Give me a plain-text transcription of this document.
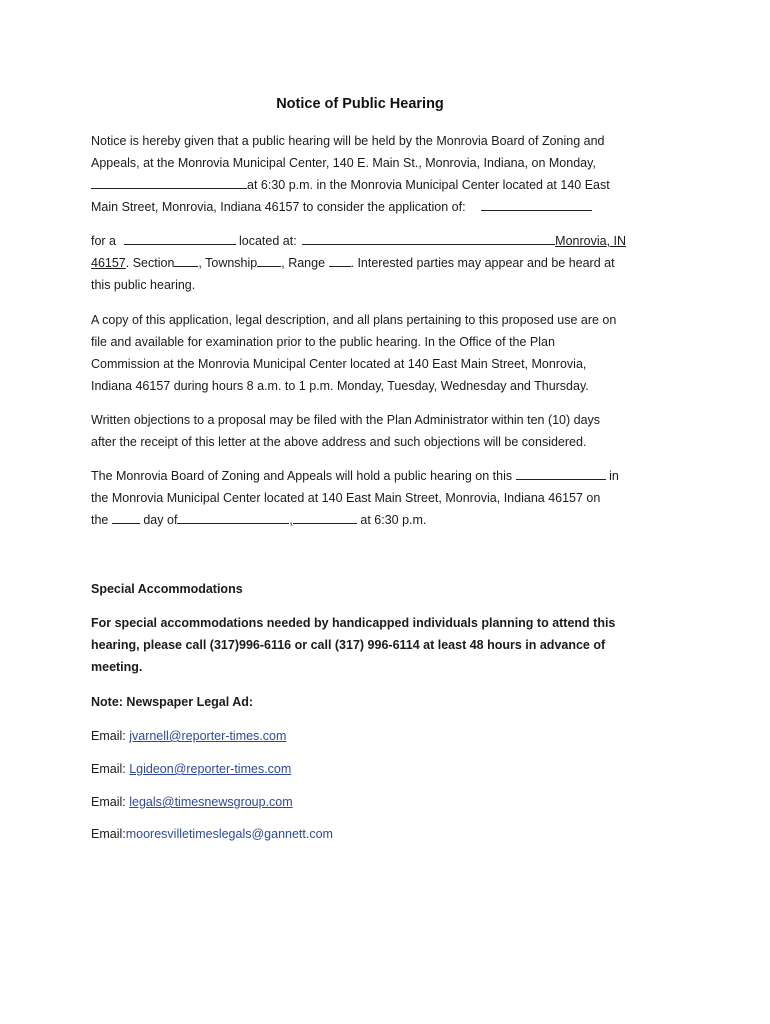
Notice of Public Hearing
Notice is hereby given that a public hearing will be held by the Monrovia Board of Zoning and
Appeals, at the Monrovia Municipal Center, 140 E. Main St., Monrovia, Indiana, on Monday,
at 6:30 p.m. in the Monrovia Municipal Center located at 140 East
Main Street, Monrovia, Indiana 46157 to consider the application of:
for a	located at:	Monrovia, IN
46157. Section , Township , Range . Interested parties may appear and be heard at
this public hearing.
A copy of this application, legal description, and all plans pertaining to this proposed use are on
file and available for examination prior to the public hearing. In the Office of the Plan
Commission at the Monrovia Municipal Center located at 140 East Main Street, Monrovia,
Indiana 46157 during hours 8 a.m. to 1 p.m. Monday, Tuesday, Wednesday and Thursday.
Written objections to a proposal may be filed with the Plan Administrator within ten (10) days
after the receipt of this letter at the above address and such objections will be considered.
The Monrovia Board of Zoning and Appeals will hold a public hearing on this	in
the Monrovia Municipal Center located at 140 East Main Street, Monrovia, Indiana 46157 on
the	day of	,	at 6:30 p.m.
Special Accommodations
For special accommodations needed by handicapped individuals planning to attend this
hearing, please call (317)996-6116 or call (317) 996-6114 at least 48 hours in advance of
meeting.
Note: Newspaper Legal Ad:
Email: jvarnell@reporter-times.com
Email: Lgideon@reporter-times.com
Email: legals@timesnewsgroup.com
Email:mooresvilletimeslegals@gannett.com
